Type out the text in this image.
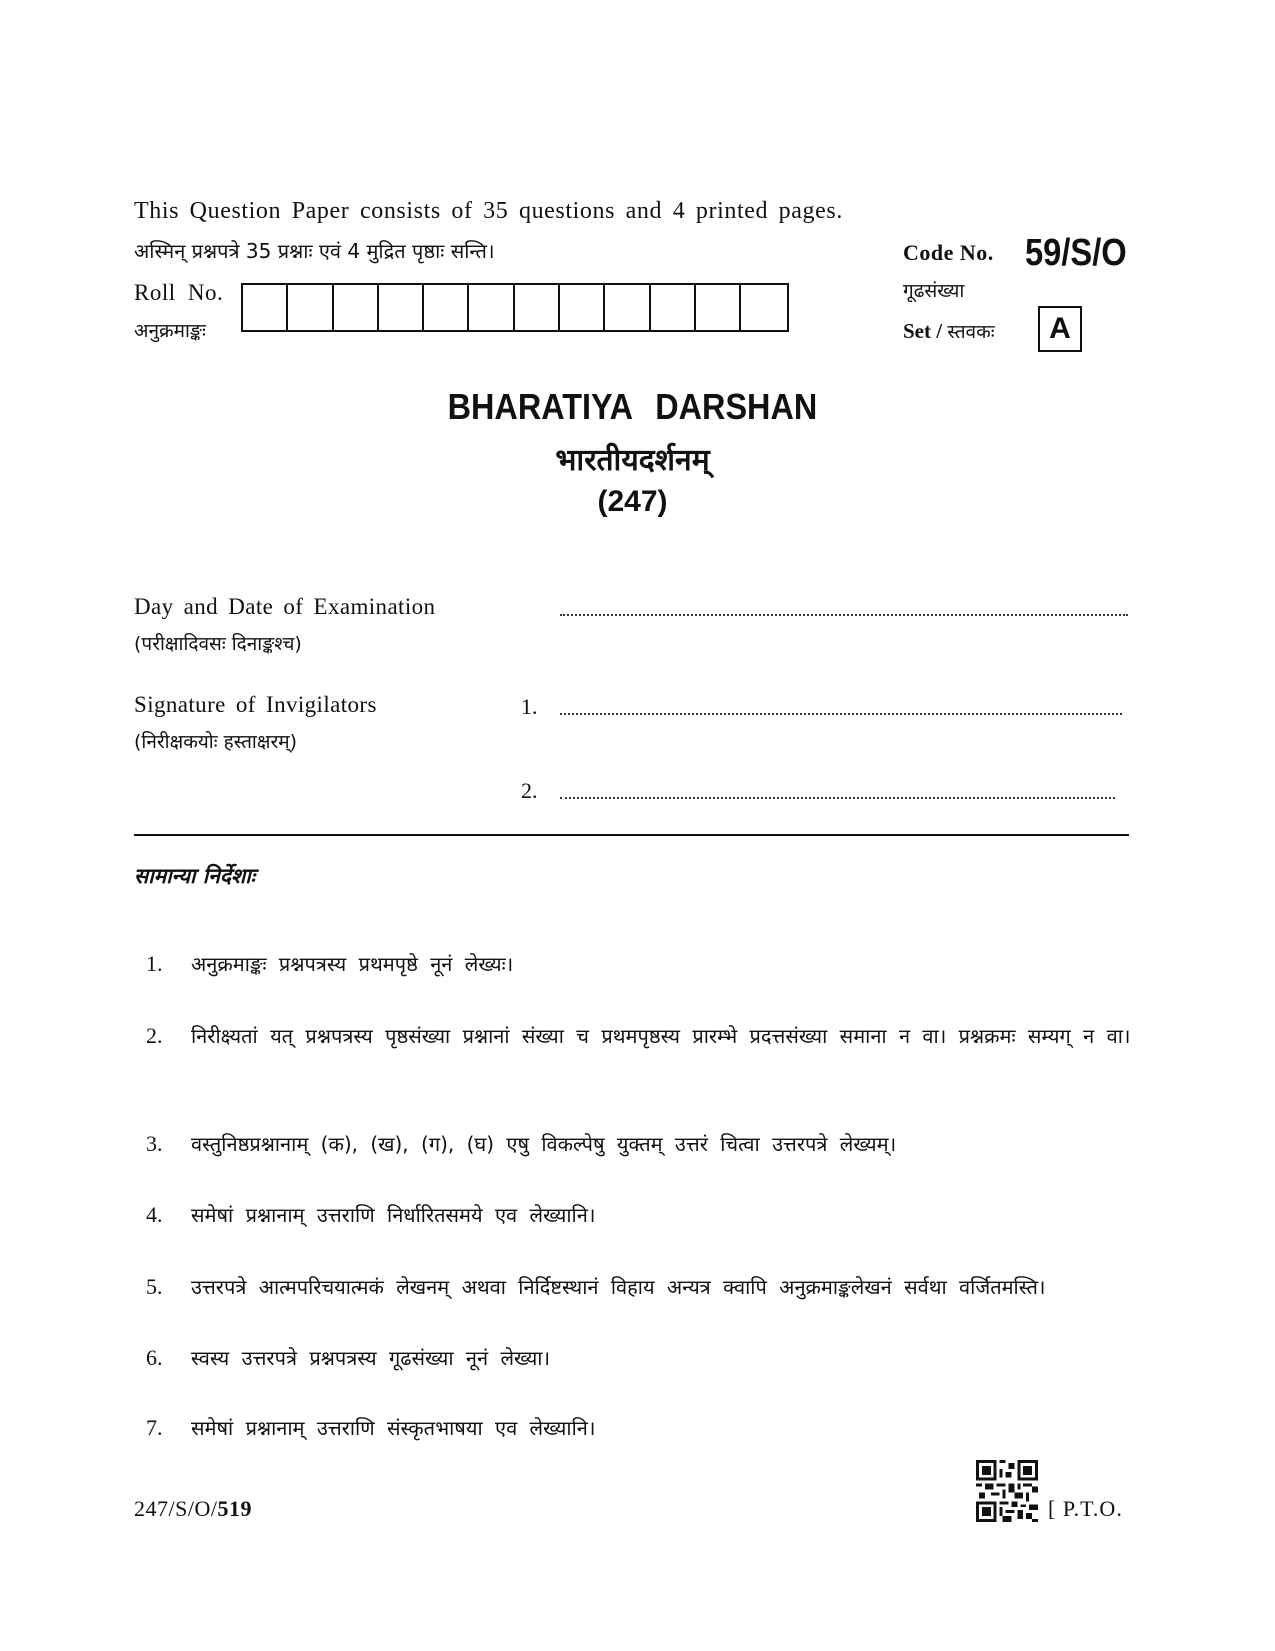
This Question Paper consists of 35 questions and 4 printed pages.
अस्मिन् प्रश्नपत्रे 35 प्रश्नाः एवं 4 मुद्रित पृष्ठाः सन्ति।	Code No. 59/S/O
गूढसंख्या
Set / स्तवकः	A
Roll No.
अनुक्रमाङ्कः
BHARATIYA DARSHAN
भारतीयदर्शनम्
(247)
Day and Date of Examination
(परीक्षादिवसः दिनाङ्कश्च)
Signature of Invigilators
(निरीक्षकयोः हस्ताक्षरम्)
1.
2.
सामान्या निर्देशाः
1.	अनुक्रमाङ्कः प्रश्नपत्रस्य प्रथमपृष्ठे नूनं लेख्यः।
2.	निरीक्ष्यतां यत् प्रश्नपत्रस्य पृष्ठसंख्या प्रश्नानां संख्या च प्रथमपृष्ठस्य प्रारम्भे प्रदत्तसंख्या समाना न वा। प्रश्नक्रमः सम्यग् न वा।
3.	वस्तुनिष्ठप्रश्नानाम् (क), (ख), (ग), (घ) एषु विकल्पेषु युक्तम् उत्तरं चित्वा उत्तरपत्रे लेख्यम्।
4.	समेषां प्रश्नानाम् उत्तराणि निर्धारितसमये एव लेख्यानि।
5.	उत्तरपत्रे आत्मपरिचयात्मकं लेखनम् अथवा निर्दिष्टस्थानं विहाय अन्यत्र क्वापि अनुक्रमाङ्कलेखनं सर्वथा वर्जितमस्ति।
6.	स्वस्य उत्तरपत्रे प्रश्नपत्रस्य गूढसंख्या नूनं लेख्या।
7.	समेषां प्रश्नानाम् उत्तराणि संस्कृतभाषया एव लेख्यानि।
247/S/O/519	[ P.T.O.
